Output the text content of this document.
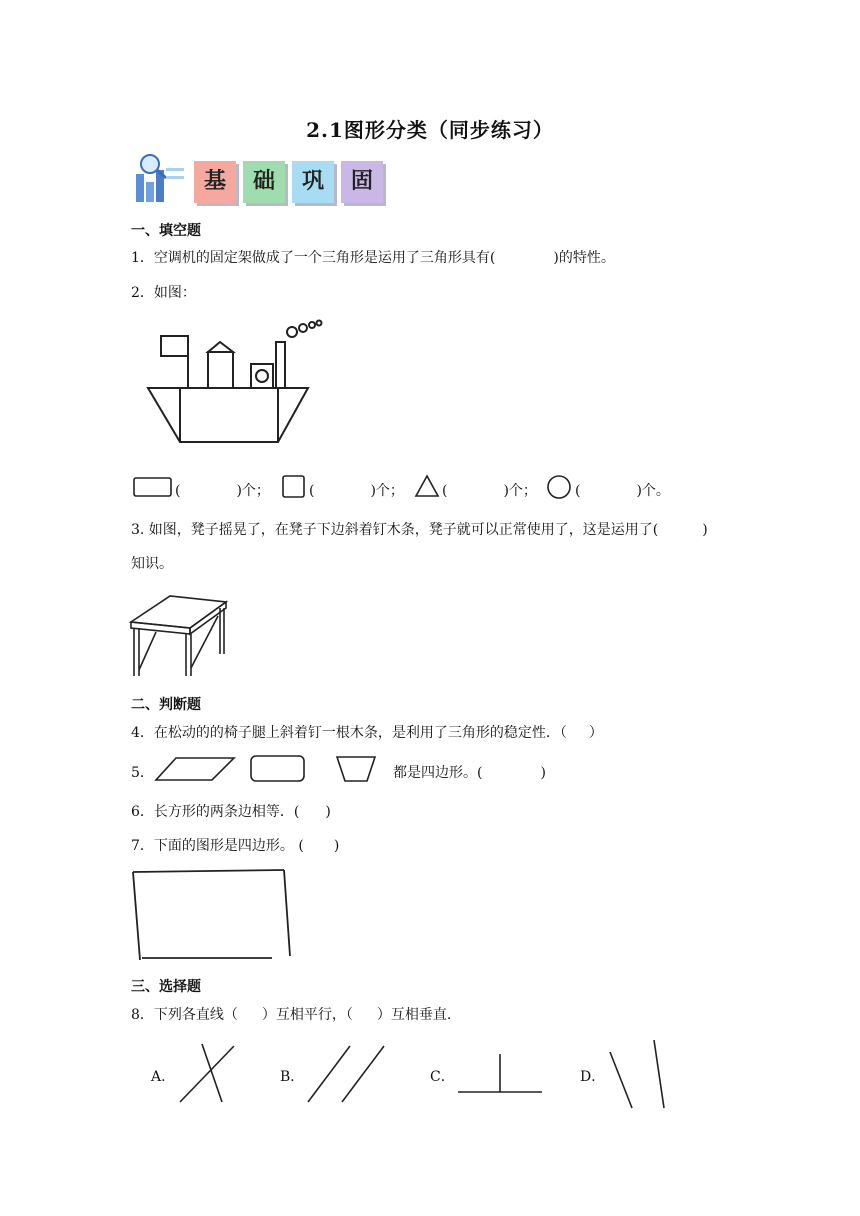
2.1图形分类（同步练习）
基	础	巩	固
一、填空题
1．空调机的固定架做成了一个三角形是运用了三角形具有(	)的特性。
2．如图：
(	)个；	(	)个；	(	)个；	(	)个。
3. 如图，凳子摇晃了，在凳子下边斜着钉木条，凳子就可以正常使用了，这是运用了(	)
知识。
二、判断题
4．在松动的的椅子腿上斜着钉一根木条，是利用了三角形的稳定性．（ ）
5．	都是四边形。(	)
6．长方形的两条边相等．( )
7．下面的图形是四边形。 ( )
三、选择题
8．下列各直线（ ）互相平行，（ ）互相垂直.
A．	B．	C．	D．
